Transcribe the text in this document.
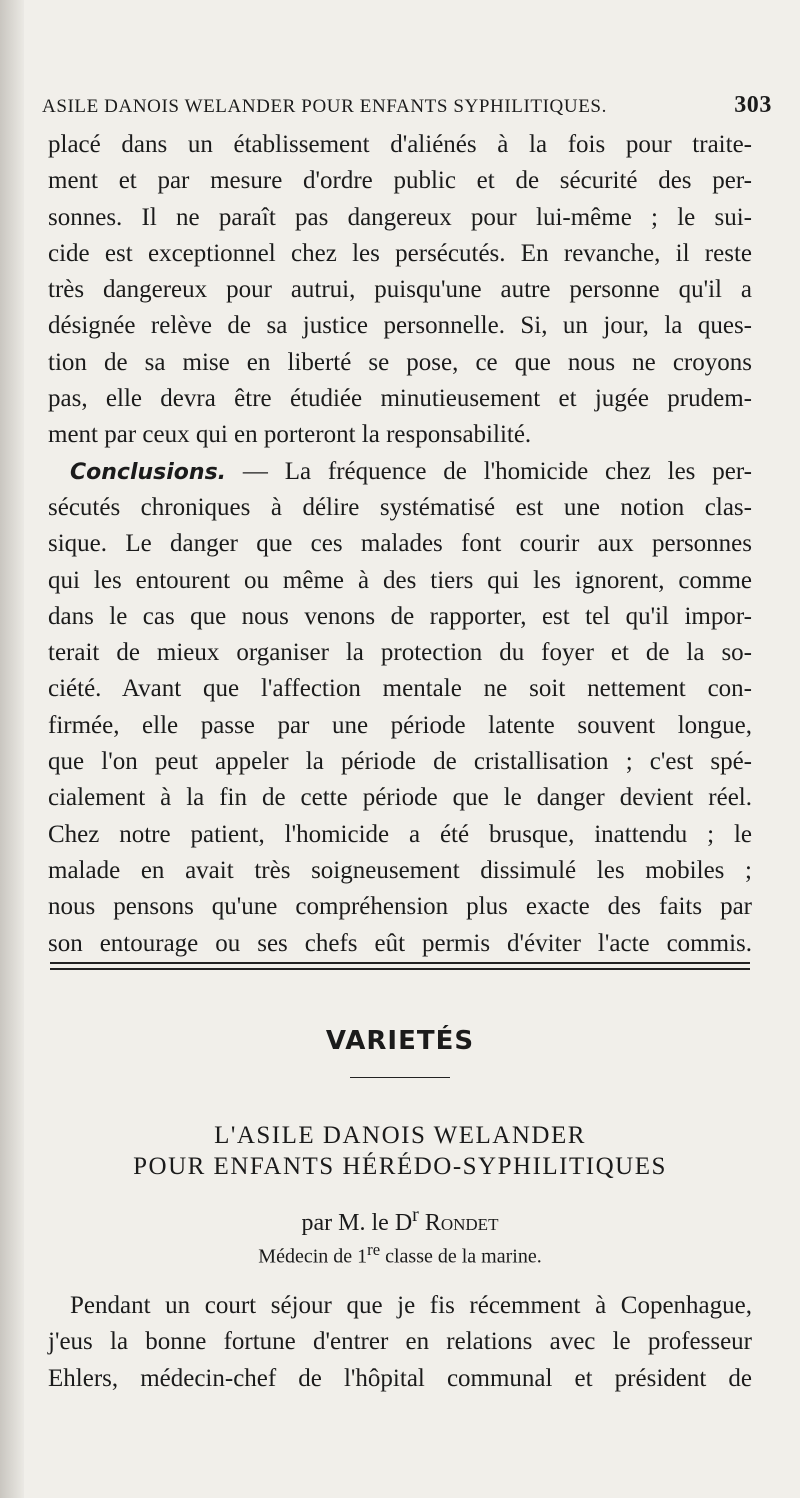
ASILE DANOIS WELANDER POUR ENFANTS SYPHILITIQUES.	303
placé dans un établissement d'aliénés à la fois pour traite-
ment et par mesure d'ordre public et de sécurité des per-
sonnes. Il ne paraît pas dangereux pour lui-même ; le sui-
cide est exceptionnel chez les persécutés. En revanche, il reste
très dangereux pour autrui, puisqu'une autre personne qu'il a
désignée relève de sa justice personnelle. Si, un jour, la ques-
tion de sa mise en liberté se pose, ce que nous ne croyons
pas, elle devra être étudiée minutieusement et jugée prudem-
ment par ceux qui en porteront la responsabilité.
Conclusions. — La fréquence de l'homicide chez les per-
sécutés chroniques à délire systématisé est une notion clas-
sique. Le danger que ces malades font courir aux personnes
qui les entourent ou même à des tiers qui les ignorent, comme
dans le cas que nous venons de rapporter, est tel qu'il impor-
terait de mieux organiser la protection du foyer et de la so-
ciété. Avant que l'affection mentale ne soit nettement con-
firmée, elle passe par une période latente souvent longue,
que l'on peut appeler la période de cristallisation ; c'est spé-
cialement à la fin de cette période que le danger devient réel.
Chez notre patient, l'homicide a été brusque, inattendu ; le
malade en avait très soigneusement dissimulé les mobiles ;
nous pensons qu'une compréhension plus exacte des faits par
son entourage ou ses chefs eût permis d'éviter l'acte commis.
VARIETÉS
L'ASILE DANOIS WELANDER
POUR ENFANTS HÉRÉDO-SYPHILITIQUES
par M. le $D^r$ Rondet
Médecin de 1re classe de la marine.
Pendant un court séjour que je fis récemment à Copenhague,
j'eus la bonne fortune d'entrer en relations avec le professeur
Ehlers, médecin-chef de l'hôpital communal et président de
